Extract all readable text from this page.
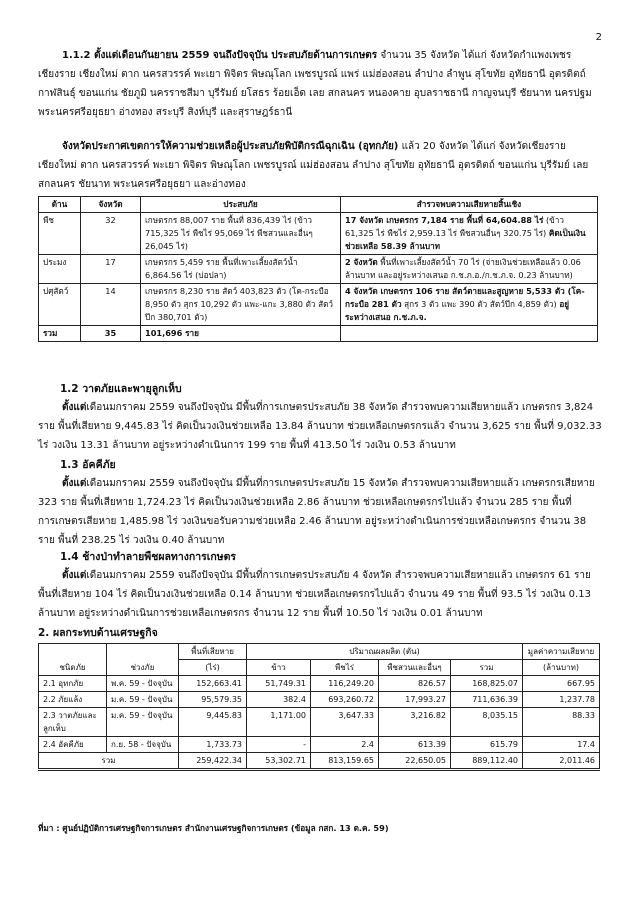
2
1.1.2 ตั้งแต่เดือนกันยายน 2559 จนถึงปัจจุบัน ประสบภัยด้านการเกษตร จำนวน 35 จังหวัด ได้แก่ จังหวัดกำแพงเพชร เชียงราย เชียงใหม่ ตาก นครสวรรค์ พะเยา พิจิตร พิษณุโลก เพชรบูรณ์ แพร่ แม่ฮ่องสอน ลำปาง ลำพูน สุโขทัย อุทัยธานี อุตรดิตถ์ กาฬสินธุ์ ขอนแก่น ชัยภูมิ นครราชสีมา บุรีรัมย์ ยโสธร ร้อยเอ็ด เลย สกลนคร หนองคาย อุบลราชธานี กาญจนบุรี ชัยนาท นครปฐม พระนครศรีอยุธยา อ่างทอง สระบุรี สิงห์บุรี และสุราษฎร์ธานี
จังหวัดประกาศเขตการให้ความช่วยเหลือผู้ประสบภัยพิบัติกรณีฉุกเฉิน (อุทกภัย) แล้ว 20 จังหวัด ได้แก่ จังหวัดเชียงราย เชียงใหม่ ตาก นครสวรรค์ พะเยา พิจิตร พิษณุโลก เพชรบูรณ์ แม่ฮ่องสอน ลำปาง สุโขทัย อุทัยธานี อุตรดิตถ์ ขอนแก่น บุรีรัมย์ เลย สกลนคร ชัยนาท พระนครศรีอยุธยา และอ่างทอง
ด้าน	จังหวัด	ประสบภัย	สำรวจพบความเสียหายสิ้นเชิง
พืช	32	เกษตรกร 88,007 ราย พื้นที่ 836,439 ไร่ (ข้าว 715,325 ไร่ พืชไร่ 95,069 ไร่ พืชสวนและอื่นๆ 26,045 ไร่)	17 จังหวัด เกษตรกร 7,184 ราย พื้นที่ 64,604.88 ไร่ (ข้าว 61,325 ไร่ พืชไร่ 2,959.13 ไร่ พืชสวนอื่นๆ 320.75 ไร่) คิดเป็นเงินช่วยเหลือ 58.39 ล้านบาท
ประมง	17	เกษตรกร 5,459 ราย พื้นที่เพาะเลี้ยงสัตว์น้ำ 6,864.56 ไร่ (บ่อปลา)	2 จังหวัด พื้นที่เพาะเลี้ยงสัตว์น้ำ 70 ไร่ (จ่ายเงินช่วยเหลือแล้ว 0.06 ล้านบาท และอยู่ระหว่างเสนอ ก.ช.ภ.อ./ก.ช.ภ.จ. 0.23 ล้านบาท)
ปศุสัตว์	14	เกษตรกร 8,230 ราย สัตว์ 403,823 ตัว (โค-กระบือ 8,950 ตัว สุกร 10,292 ตัว แพะ-แกะ 3,880 ตัว สัตว์ปีก 380,701 ตัว)	4 จังหวัด เกษตรกร 106 ราย สัตว์ตายและสูญหาย 5,533 ตัว (โค-กระบือ 281 ตัว สุกร 3 ตัว แพะ 390 ตัว สัตว์ปีก 4,859 ตัว) อยู่ระหว่างเสนอ ก.ช.ภ.จ.
รวม	35	101,696 ราย	
1.2 วาตภัยและพายุลูกเห็บ
ตั้งแต่เดือนมกราคม 2559 จนถึงปัจจุบัน มีพื้นที่การเกษตรประสบภัย 38 จังหวัด สำรวจพบความเสียหายแล้ว เกษตรกร 3,824 ราย พื้นที่เสียหาย 9,445.83 ไร่ คิดเป็นวงเงินช่วยเหลือ 13.84 ล้านบาท ช่วยเหลือเกษตรกรแล้ว จำนวน 3,625 ราย พื้นที่ 9,032.33 ไร่ วงเงิน 13.31 ล้านบาท อยู่ระหว่างดำเนินการ 199 ราย พื้นที่ 413.50 ไร่ วงเงิน 0.53 ล้านบาท
1.3 อัคคีภัย
ตั้งแต่เดือนมกราคม 2559 จนถึงปัจจุบัน มีพื้นที่การเกษตรประสบภัย 15 จังหวัด สำรวจพบความเสียหายแล้ว เกษตรกรเสียหาย 323 ราย พื้นที่เสียหาย 1,724.23 ไร่ คิดเป็นวงเงินช่วยเหลือ 2.86 ล้านบาท ช่วยเหลือเกษตรกรไปแล้ว จำนวน 285 ราย พื้นที่การเกษตรเสียหาย 1,485.98 ไร่ วงเงินขอรับความช่วยเหลือ 2.46 ล้านบาท อยู่ระหว่างดำเนินการช่วยเหลือเกษตรกร จำนวน 38 ราย พื้นที่ 238.25 ไร่ วงเงิน 0.40 ล้านบาท
1.4 ช้างป่าทำลายพืชผลทางการเกษตร
ตั้งแต่เดือนมกราคม 2559 จนถึงปัจจุบัน มีพื้นที่การเกษตรประสบภัย 4 จังหวัด สำรวจพบความเสียหายแล้ว เกษตรกร 61 ราย พื้นที่เสียหาย 104 ไร่ คิดเป็นวงเงินช่วยเหลือ 0.14 ล้านบาท ช่วยเหลือเกษตรกรไปแล้ว จำนวน 49 ราย พื้นที่ 93.5 ไร่ วงเงิน 0.13 ล้านบาท อยู่ระหว่างดำเนินการช่วยเหลือเกษตรกร จำนวน 12 ราย พื้นที่ 10.50 ไร่ วงเงิน 0.01 ล้านบาท
2. ผลกระทบด้านเศรษฐกิจ
ชนิดภัย	ช่วงภัย	พื้นที่เสียหาย	ปริมาณผลผลิต (ตัน)				มูลค่าความเสียหาย
		(ไร่)	ข้าว	พืชไร่	พืชสวนและอื่นๆ	รวม	(ล้านบาท)
2.1 อุทกภัย	พ.ค. 59 - ปัจจุบัน	152,663.41	51,749.31	116,249.20	826.57	168,825.07	667.95
2.2 ภัยแล้ง	ม.ค. 59 - ปัจจุบัน	95,579.35	382.4	693,260.72	17,993.27	711,636.39	1,237.78
2.3 วาตภัยและลูกเห็บ	ม.ค. 59 - ปัจจุบัน	9,445.83	1,171.00	3,647.33	3,216.82	8,035.15	88.33
2.4 อัคคีภัย	ก.ย. 58 - ปัจจุบัน	1,733.73	-	2.4	613.39	615.79	17.4
รวม		259,422.34	53,302.71	813,159.65	22,650.05	889,112.40	2,011.46
ที่มา : ศูนย์ปฏิบัติการเศรษฐกิจการเกษตร สำนักงานเศรษฐกิจการเกษตร (ข้อมูล กสก. 13 ต.ค. 59)
